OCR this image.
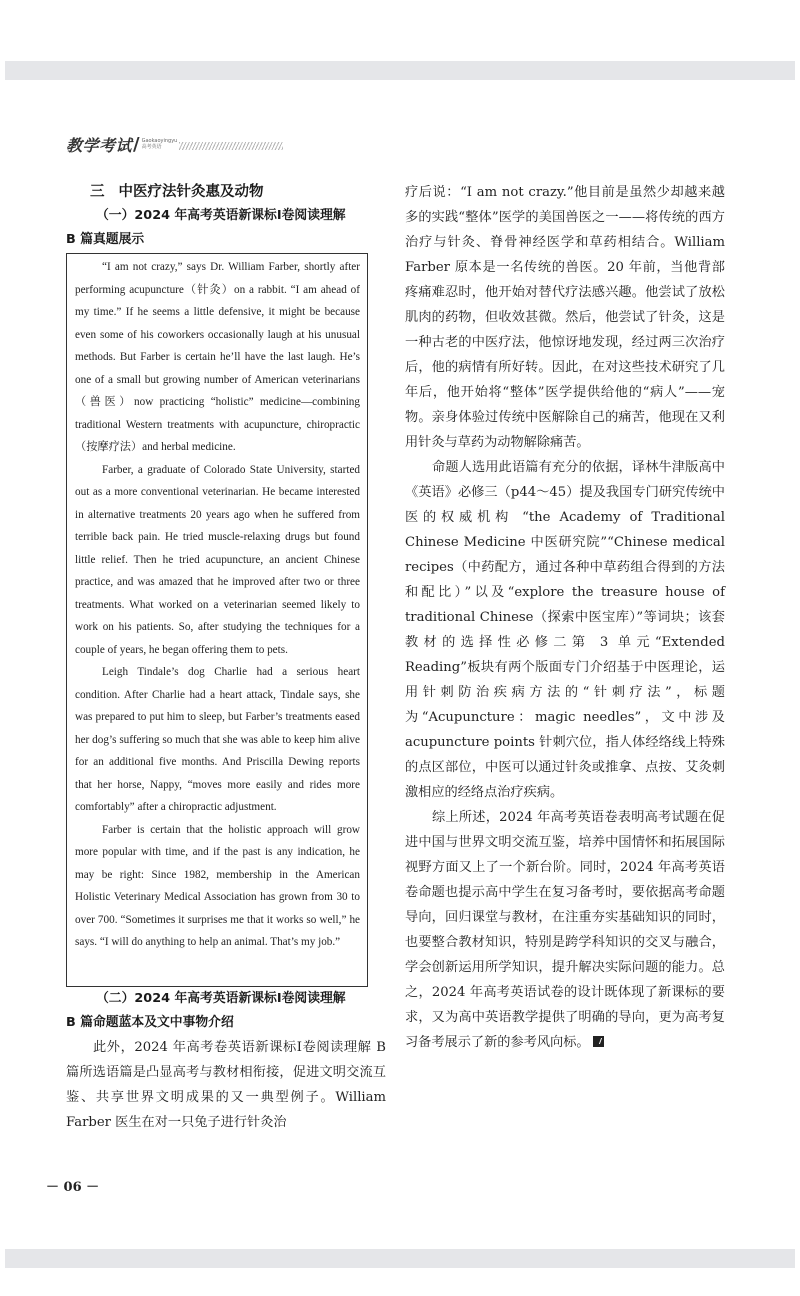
教学考试 / Gaokaoyingyu
高考英语
三 中医疗法针灸惠及动物
（一）2024 年高考英语新课标Ⅰ卷阅读理解
B 篇真题展示

“I am not crazy,” says Dr. William Farber, shortly after performing acupuncture（针灸）on a rabbit. “I am ahead of my time.” If he seems a little defensive, it might be because even some of his coworkers occasionally laugh at his unusual methods. But Farber is certain he’ll have the last laugh. He’s one of a small but growing number of American veterinarians（兽医）now practicing “holistic” medicine—combining traditional Western treatments with acupuncture, chiropractic（按摩疗法）and herbal medicine.

Farber, a graduate of Colorado State University, started out as a more conventional veterinarian. He became interested in alternative treatments 20 years ago when he suffered from terrible back pain. He tried muscle-relaxing drugs but found little relief. Then he tried acupuncture, an ancient Chinese practice, and was amazed that he improved after two or three treatments. What worked on a veterinarian seemed likely to work on his patients. So, after studying the techniques for a couple of years, he began offering them to pets.

Leigh Tindale’s dog Charlie had a serious heart condition. After Charlie had a heart attack, Tindale says, she was prepared to put him to sleep, but Farber’s treatments eased her dog’s suffering so much that she was able to keep him alive for an additional five months. And Priscilla Dewing reports that her horse, Nappy, “moves more easily and rides more comfortably” after a chiropractic adjustment.

Farber is certain that the holistic approach will grow more popular with time, and if the past is any indication, he may be right: Since 1982, membership in the American Holistic Veterinary Medical Association has grown from 30 to over 700. “Sometimes it surprises me that it works so well,” he says. “I will do anything to help an animal. That’s my job.”

（二）2024 年高考英语新课标Ⅰ卷阅读理解
B 篇命题蓝本及文中事物介绍

此外，2024 年高考卷英语新课标Ⅰ卷阅读理解 B 篇所选语篇是凸显高考与教材相衔接，促进文明交流互鉴、共享世界文明成果的又一典型例子。William Farber 医生在对一只兔子进行针灸治

疗后说：“I am not crazy.”他目前是虽然少却越来越多的实践“整体”医学的美国兽医之一——将传统的西方治疗与针灸、脊骨神经医学和草药相结合。William Farber 原本是一名传统的兽医。20 年前，当他背部疼痛难忍时，他开始对替代疗法感兴趣。他尝试了放松肌肉的药物，但收效甚微。然后，他尝试了针灸，这是一种古老的中医疗法，他惊讶地发现，经过两三次治疗后，他的病情有所好转。因此，在对这些技术研究了几年后，他开始将“整体”医学提供给他的“病人”——宠物。亲身体验过传统中医解除自己的痛苦，他现在又利用针灸与草药为动物解除痛苦。

命题人选用此语篇有充分的依据，译林牛津版高中《英语》必修三（p44～45）提及我国专门研究传统中医的权威机构 “the Academy of Traditional Chinese Medicine 中医研究院”“Chinese medical recipes（中药配方，通过各种中草药组合得到的方法和配比）”以及“explore the treasure house of traditional Chinese（探索中医宝库）”等词块；该套教材的选择性必修二第 3 单元“Extended Reading”板块有两个版面专门介绍基于中医理论，运用针刺防治疾病方法的“针刺疗法”，标题为“Acupuncture：magic needles”，文中涉及 acupuncture points 针刺穴位，指人体经络线上特殊的点区部位，中医可以通过针灸或推拿、点按、艾灸刺激相应的经络点治疗疾病。

综上所述，2024 年高考英语卷表明高考试题在促进中国与世界文明交流互鉴，培养中国情怀和拓展国际视野方面又上了一个新台阶。同时，2024 年高考英语卷命题也提示高中学生在复习备考时，要依据高考命题导向，回归课堂与教材，在注重夯实基础知识的同时，也要整合教材知识，特别是跨学科知识的交叉与融合，学会创新运用所学知识，提升解决实际问题的能力。总之，2024 年高考英语试卷的设计既体现了新课标的要求，又为高中英语教学提供了明确的导向，更为高考复习备考展示了新的参考风向标。

－ 06 －
